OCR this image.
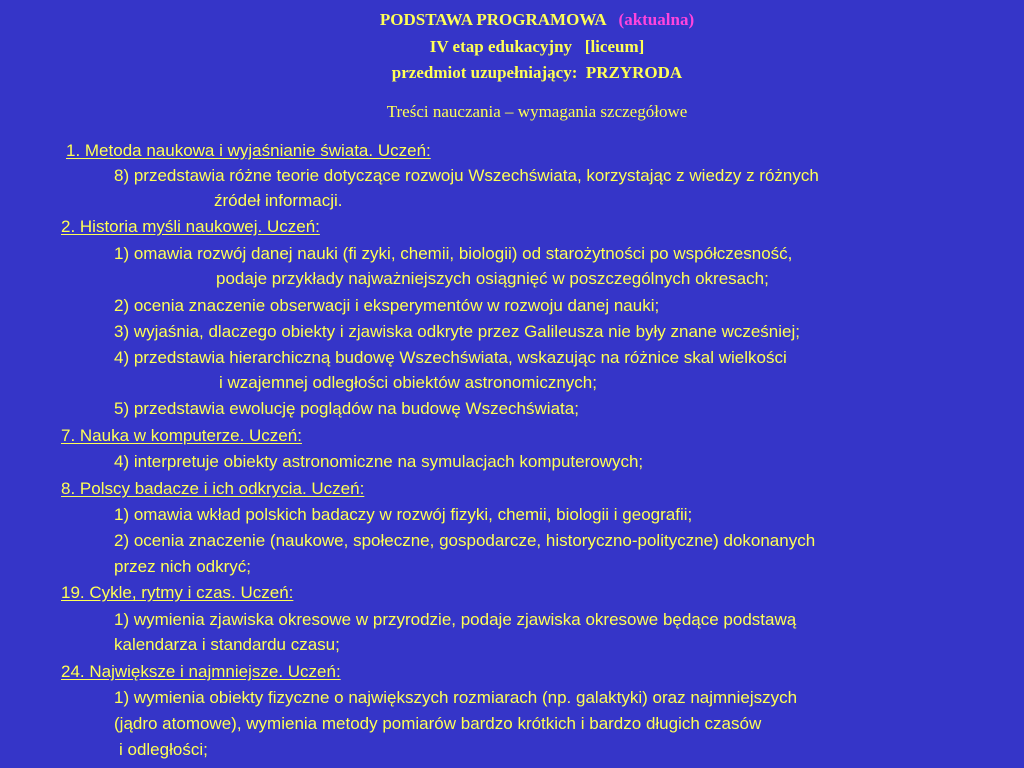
PODSTAWA PROGRAMOWA (aktualna)
IV etap edukacyjny   [liceum]
przedmiot uzupełniający:  PRZYRODA
Treści nauczania – wymagania szczegółowe
1. Metoda naukowa i wyjaśnianie świata. Uczeń:
8) przedstawia różne teorie dotyczące rozwoju Wszechświata, korzystając z wiedzy z różnych
źródeł informacji.
2. Historia myśli naukowej. Uczeń:
1) omawia rozwój danej nauki (fi zyki, chemii, biologii) od starożytności po współczesność,
podaje przykłady najważniejszych osiągnięć w poszczególnych okresach;
2) ocenia znaczenie obserwacji i eksperymentów w rozwoju danej nauki;
3) wyjaśnia, dlaczego obiekty i zjawiska odkryte przez Galileusza nie były znane wcześniej;
4) przedstawia hierarchiczną budowę Wszechświata, wskazując na różnice skal wielkości
i wzajemnej odległości obiektów astronomicznych;
5) przedstawia ewolucję poglądów na budowę Wszechświata;
7. Nauka w komputerze. Uczeń:
4) interpretuje obiekty astronomiczne na symulacjach komputerowych;
8. Polscy badacze i ich odkrycia. Uczeń:
1) omawia wkład polskich badaczy w rozwój fizyki, chemii, biologii i geografii;
2) ocenia znaczenie (naukowe, społeczne, gospodarcze, historyczno-polityczne) dokonanych
przez nich odkryć;
19. Cykle, rytmy i czas. Uczeń:
1) wymienia zjawiska okresowe w przyrodzie, podaje zjawiska okresowe będące podstawą
kalendarza i standardu czasu;
24. Największe i najmniejsze. Uczeń:
1) wymienia obiekty fizyczne o największych rozmiarach (np. galaktyki) oraz najmniejszych
(jądro atomowe), wymienia metody pomiarów bardzo krótkich i bardzo długich czasów
i odległości;
